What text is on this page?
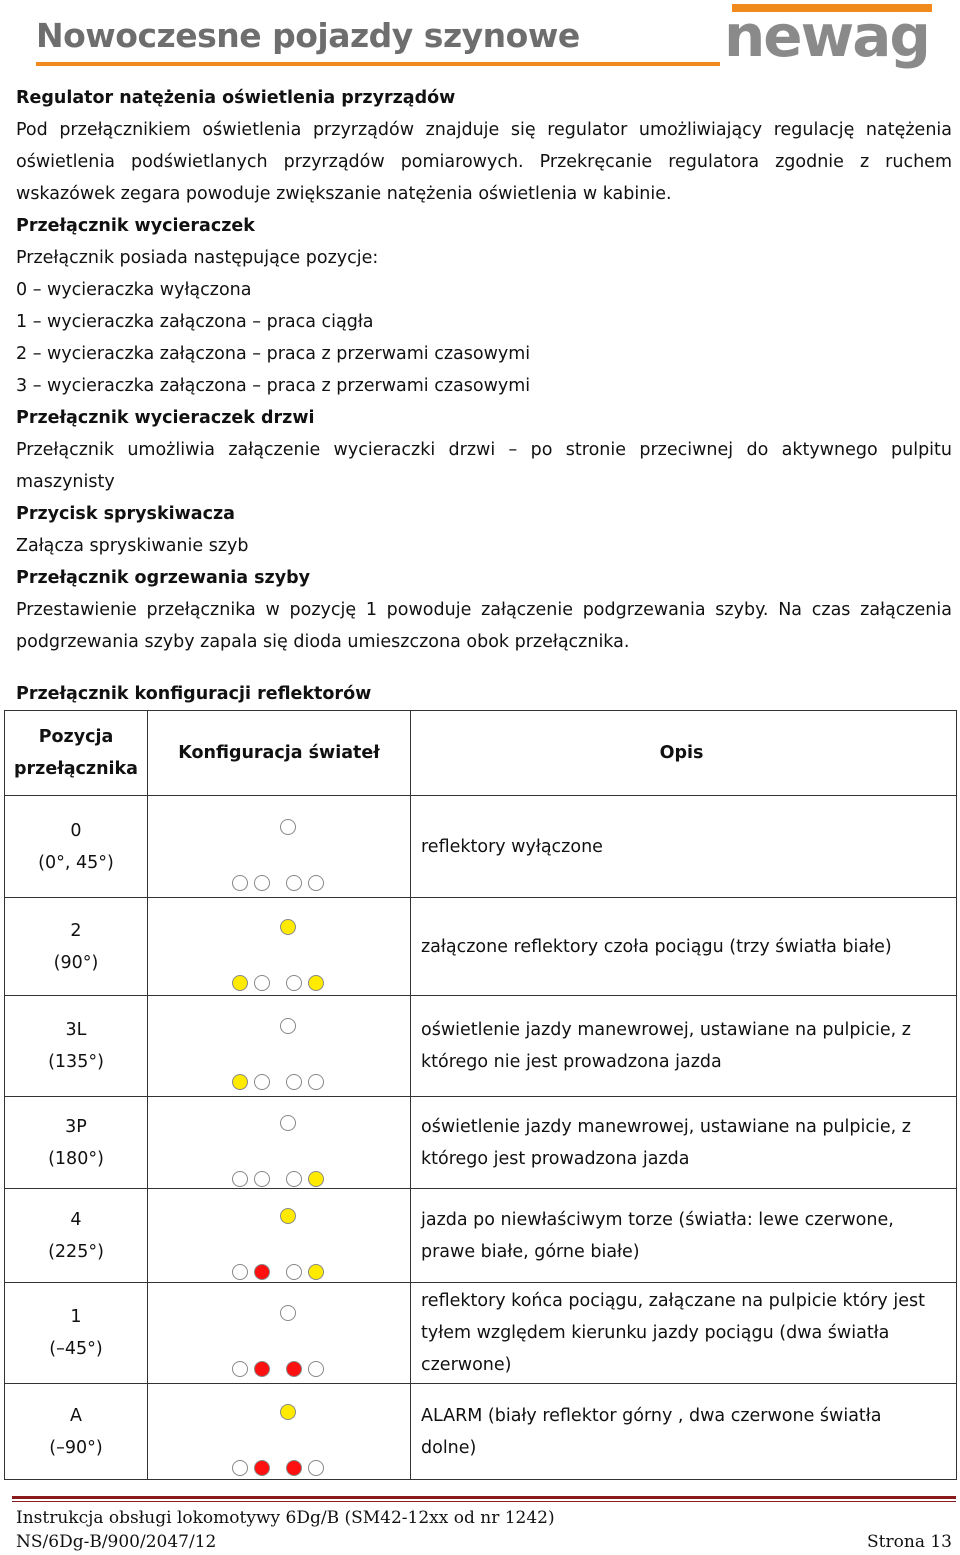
Nowoczesne pojazdy szynowe newag
Regulator natężenia oświetlenia przyrządów
Pod przełącznikiem oświetlenia przyrządów znajduje się regulator umożliwiający regulację natężenia oświetlenia podświetlanych przyrządów pomiarowych. Przekręcanie regulatora zgodnie z ruchem wskazówek zegara powoduje zwiększanie natężenia oświetlenia w kabinie.
Przełącznik wycieraczek
Przełącznik posiada następujące pozycje:
0 – wycieraczka wyłączona
1 – wycieraczka załączona – praca ciągła
2 – wycieraczka załączona – praca z przerwami czasowymi
3 – wycieraczka załączona – praca z przerwami czasowymi
Przełącznik wycieraczek drzwi
Przełącznik umożliwia załączenie wycieraczki drzwi – po stronie przeciwnej do aktywnego pulpitu maszynisty
Przycisk spryskiwacza
Załącza spryskiwanie szyb
Przełącznik ogrzewania szyby
Przestawienie przełącznika w pozycję 1 powoduje załączenie podgrzewania szyby. Na czas załączenia podgrzewania szyby zapala się dioda umieszczona obok przełącznika.
Przełącznik konfiguracji reflektorów
Pozycja przełącznika	Konfiguracja świateł	Opis

0
(0°, 45°)		reflektory wyłączone

2
(90°)		załączone reflektory czoła pociągu (trzy światła białe)

3L
(135°)		oświetlenie jazdy manewrowej, ustawiane na pulpicie, z którego nie jest prowadzona jazda

3P
(180°)		oświetlenie jazdy manewrowej, ustawiane na pulpicie, z którego jest prowadzona jazda

4
(225°)		jazda po niewłaściwym torze (światła: lewe czerwone, prawe białe, górne białe)

1
(–45°)		reflektory końca pociągu, załączane na pulpicie który jest tyłem względem kierunku jazdy pociągu (dwa światła czerwone)

A
(–90°)		ALARM (biały reflektor górny , dwa czerwone światła dolne)
Instrukcja obsługi lokomotywy 6Dg/B (SM42-12xx od nr 1242)
NS/6Dg-B/900/2047/12	Strona 13
